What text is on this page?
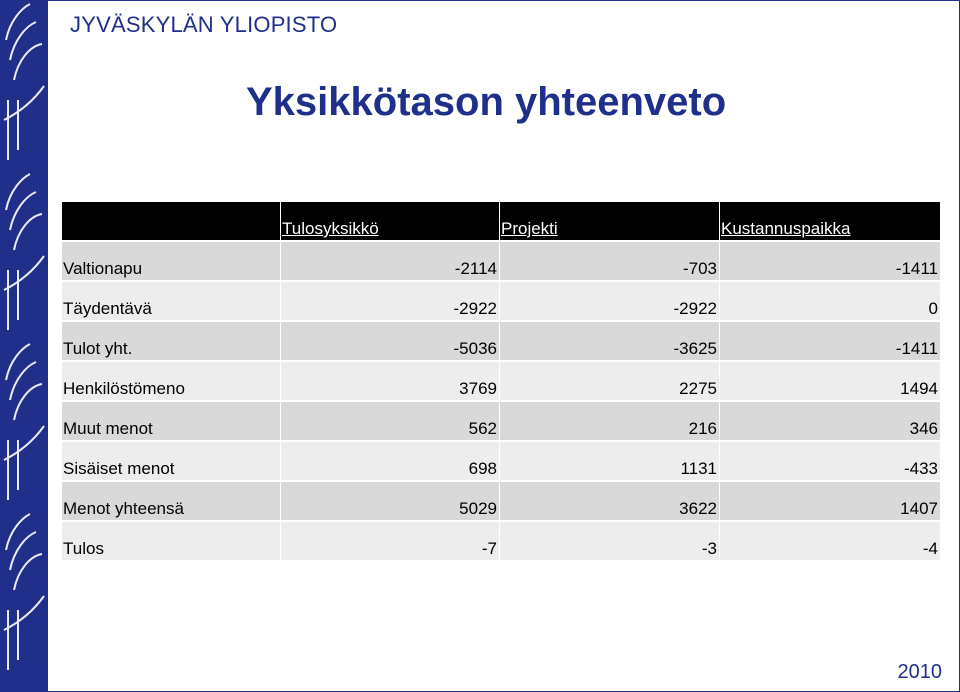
JYVÄSKYLÄN YLIOPISTO
Yksikkötason yhteenveto
	Tulosyksikkö	Projekti	Kustannuspaikka
Valtionapu	-2114	-703	-1411
Täydentävä	-2922	-2922	0
Tulot yht.	-5036	-3625	-1411
Henkilöstömeno	3769	2275	1494
Muut menot	562	216	346
Sisäiset menot	698	1131	-433
Menot yhteensä	5029	3622	1407
Tulos	-7	-3	-4
2010
